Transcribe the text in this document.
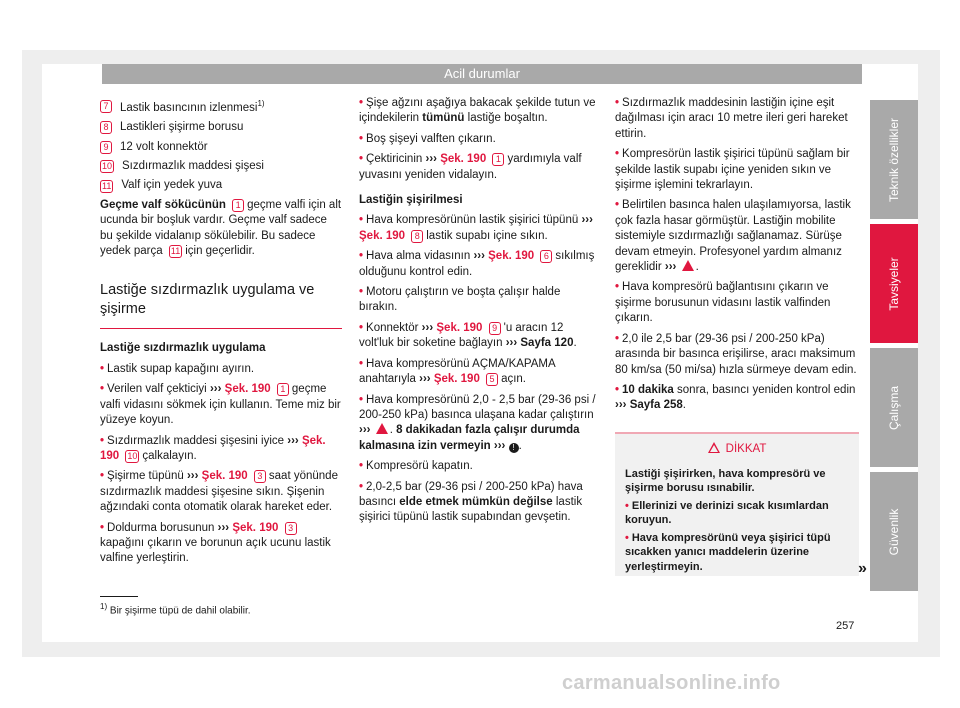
Acil durumlar
7	Lastik basıncının izlenmesi$^{1)}$
8	Lastikleri şişirme borusu
9	12 volt konnektör
10 Sızdırmazlık maddesi şişesi
11 Valf için yedek yuva
Geçme valf sökücünün 1 geçme valfi için alt ucunda bir boşluk vardır. Geçme valf sadece bu şekilde vidalanıp sökülebilir. Bu sadece yedek parça 11 için geçerlidir.
Lastiğe sızdırmazlık uygulama ve şişirme
Lastiğe sızdırmazlık uygulama
• Lastik supap kapağını ayırın.
• Verilen valf çekticiyi ››› Şek. 190 1 geçme valfi vidasını sökmek için kullanın. Teme miz bir yüzeye koyun.
• Sızdırmazlık maddesi şişesini iyice ››› Şek. 190 10 çalkalayın.
• Şişirme tüpünü ››› Şek. 190 3 saat yönünde sızdırmazlık maddesi şişesine sıkın. Şişenin ağzındaki conta otomatik olarak hareket eder.
• Doldurma borusunun ››› Şek. 190 3kapağını çıkarın ve borunun açık ucunu lastik valfine yerleştirin.
• Şişe ağzını aşağıya bakacak şekilde tutun ve içindekilerin tümünü lastiğe boşaltın.
• Boş şişeyi valften çıkarın.
• Çektiricinin ››› Şek. 190 1 yardımıyla valf yuvasını yeniden vidalayın.
Lastiğin şişirilmesi
• Hava kompresörünün lastik şişirici tüpünü ››› Şek. 190 8 lastik supabı içine sıkın.
• Hava alma vidasının ››› Şek. 190 6 sıkılmış olduğunu kontrol edin.
• Motoru çalıştırın ve boşta çalışır halde bırakın.
• Konnektör ››› Şek. 190 9 'u aracın 12 volt'luk bir soketine bağlayın ››› Sayfa 120.
• Hava kompresörünü AÇMA/KAPAMA anahtarıyla ››› Şek. 190 5 açın.
• Hava kompresörünü 2,0 - 2,5 bar (29-36 psi / 200-250 kPa) basınca ulaşana kadar çalıştırın ››› . 8 dakikadan fazla çalışır durumda kalmasına izin vermeyin ››› ! .
• Kompresörü kapatın.
• 2,0-2,5 bar (29-36 psi / 200-250 kPa) hava basıncı elde etmek mümkün değilse lastik şişirici tüpünü lastik supabından gevşetin.
• Sızdırmazlık maddesinin lastiğin içine eşit dağılması için aracı 10 metre ileri geri hareket ettirin.
• Kompresörün lastik şişirici tüpünü sağlam bir şekilde lastik supabı içine yeniden sıkın ve şişirme işlemini tekrarlayın.
• Belirtilen basınca halen ulaşılamıyorsa, lastik çok fazla hasar görmüştür. Lastiğin mobilite sistemiyle sızdırmazlığı sağlanamaz. Sürüşe devam etmeyin. Profesyonel yardım almanız gereklidir ››› .
• Hava kompresörü bağlantısını çıkarın ve şişirme borusunun vidasını lastik valfinden çıkarın.
• 2,0 ile 2,5 bar (29-36 psi / 200-250 kPa) arasında bir basınca erişilirse, aracı maksimum 80 km/sa (50 mi/sa) hızla sürmeye devam edin.
• 10 dakika sonra, basıncı yeniden kontrol edin ››› Sayfa 258.
DİKKAT
Lastiği şişirirken, hava kompresörü ve şişirme borusu ısınabilir.
• Ellerinizi ve derinizi sıcak kısımlardan koruyun.
• Hava kompresörünü veya şişirici tüpü sıcakken yanıcı maddelerin üzerine yerleştirmeyin.	»
Teknik özellikler
Tavsiyeler
Çalışma
Güvenlik
$^{1)}$ Bir şişirme tüpü de dahil olabilir.
257
carmanualsonline.info
